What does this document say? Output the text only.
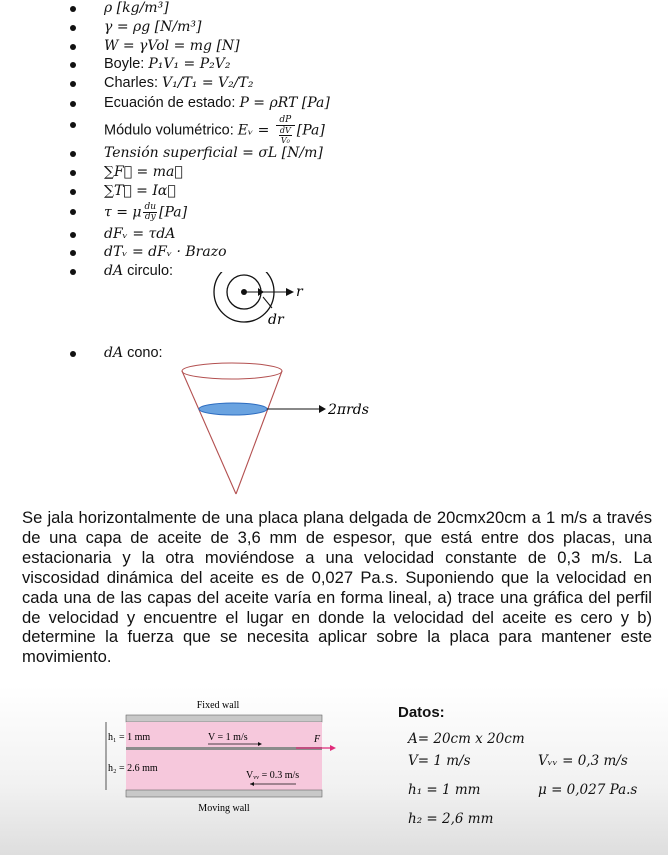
ρ [kg/m³]
γ = ρg [N/m³]
W = γVol = mg [N]
Boyle: P₁V₁ = P₂V₂
Charles: V₁/T₁ = V₂/T₂
Ecuación de estado: P = ρRT [Pa]
Módulo volumétrico: Eᵥ = $\frac{dP}{\frac{dV}{\text{V₀}}} [Pa]$
Tensión superficial = σL [N/m]
∑F⃗ = ma⃗
∑T⃗ = Iα⃗
τ = μ $\frac{du}{dy} [Pa]$
dFᵥ = τdA
dTᵥ = dFᵥ · Brazo
dA circulo:
dA cono:
r
dr
2πrds
Se jala horizontalmente de una placa plana delgada de 20cmx20cm a 1 m/s a través de una capa de aceite de 3,6 mm de espesor, que está entre dos placas, una estacionaria y la otra moviéndose a una velocidad constante de 0,3 m/s. La viscosidad dinámica del aceite es de 0,027 Pa.s. Suponiendo que la velocidad en cada una de las capas del aceite varía en forma lineal, a) trace una gráfica del perfil de velocidad y encuentre el lugar en donde la velocidad del aceite es cero y b) determine la fuerza que se necesita aplicar sobre la placa para mantener este movimiento.
Fixed wall
h₁ = 1 mm
h₂ = 2.6 mm
V = 1 m/s	F
Vᵥᵥ = 0.3 m/s
Moving wall
Datos:
A= 20cm x 20cm
V= 1 m/s	Vᵥᵥ = 0,3 m/s
h₁ = 1 mm	μ = 0,027 Pa.s
h₂ = 2,6 mm
